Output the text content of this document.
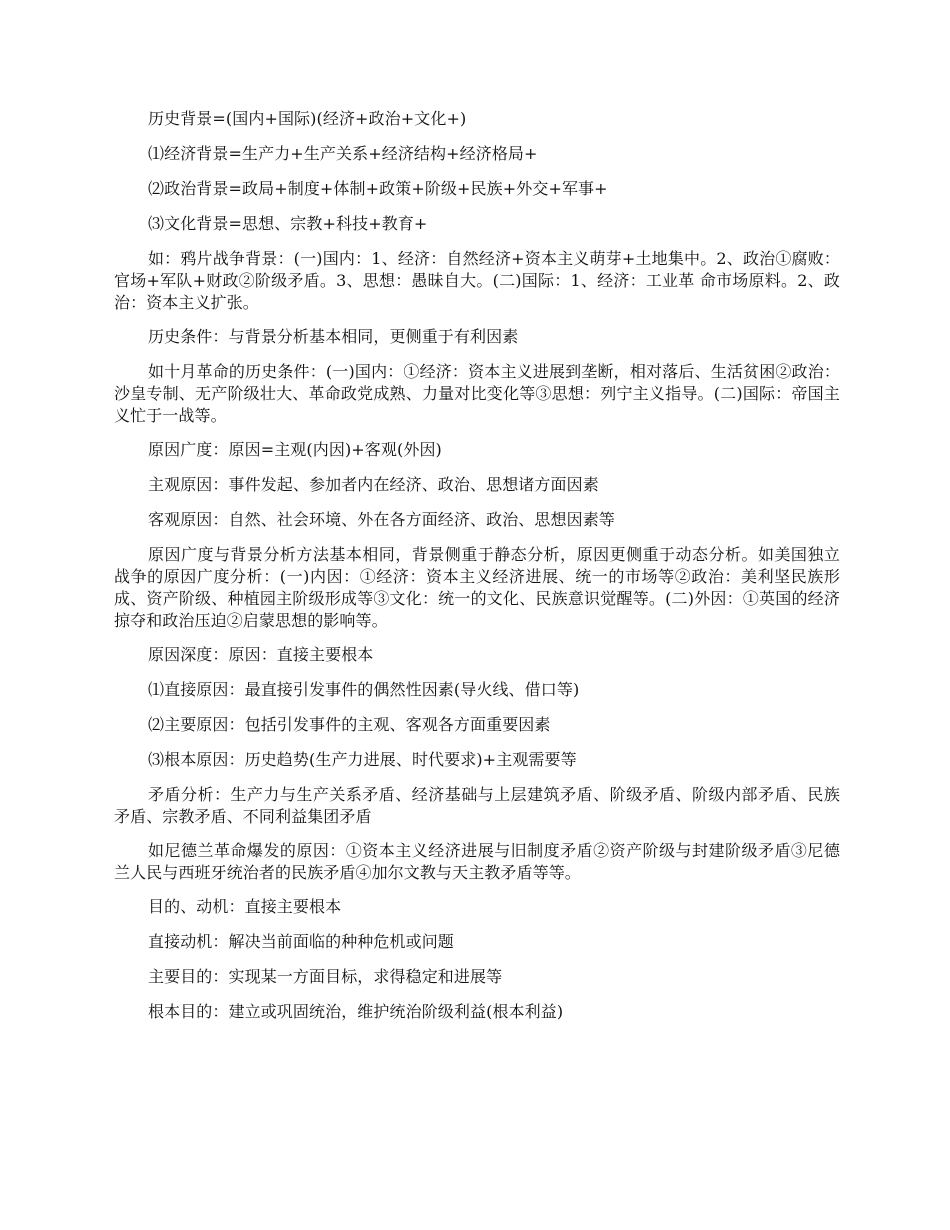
历史背景=(国内+国际)(经济+政治+文化+)

⑴经济背景=生产力+生产关系+经济结构+经济格局+

⑵政治背景=政局+制度+体制+政策+阶级+民族+外交+军事+

⑶文化背景=思想、宗教+科技+教育+

如：鸦片战争背景：(一)国内：1、经济：自然经济+资本主义萌芽+土地集中。2、政治①腐败：官场+军队+财政②阶级矛盾。3、思想：愚昧自大。(二)国际：1、经济：工业革 命市场原料。2、政治：资本主义扩张。

历史条件：与背景分析基本相同，更侧重于有利因素

如十月革命的历史条件：(一)国内：①经济：资本主义进展到垄断，相对落后、生活贫困②政治：沙皇专制、无产阶级壮大、革命政党成熟、力量对比变化等③思想：列宁主义指导。(二)国际：帝国主义忙于一战等。

原因广度：原因=主观(内因)+客观(外因)

主观原因：事件发起、参加者内在经济、政治、思想诸方面因素

客观原因：自然、社会环境、外在各方面经济、政治、思想因素等

原因广度与背景分析方法基本相同，背景侧重于静态分析，原因更侧重于动态分析。如美国独立战争的原因广度分析：(一)内因：①经济：资本主义经济进展、统一的市场等②政治：美利坚民族形成、资产阶级、种植园主阶级形成等③文化：统一的文化、民族意识觉醒等。(二)外因：①英国的经济掠夺和政治压迫②启蒙思想的影响等。

原因深度：原因：直接主要根本

⑴直接原因：最直接引发事件的偶然性因素(导火线、借口等)

⑵主要原因：包括引发事件的主观、客观各方面重要因素

⑶根本原因：历史趋势(生产力进展、时代要求)+主观需要等

矛盾分析：生产力与生产关系矛盾、经济基础与上层建筑矛盾、阶级矛盾、阶级内部矛盾、民族矛盾、宗教矛盾、不同利益集团矛盾

如尼德兰革命爆发的原因：①资本主义经济进展与旧制度矛盾②资产阶级与封建阶级矛盾③尼德兰人民与西班牙统治者的民族矛盾④加尔文教与天主教矛盾等等。

目的、动机：直接主要根本

直接动机：解决当前面临的种种危机或问题

主要目的：实现某一方面目标，求得稳定和进展等

根本目的：建立或巩固统治，维护统治阶级利益(根本利益)
